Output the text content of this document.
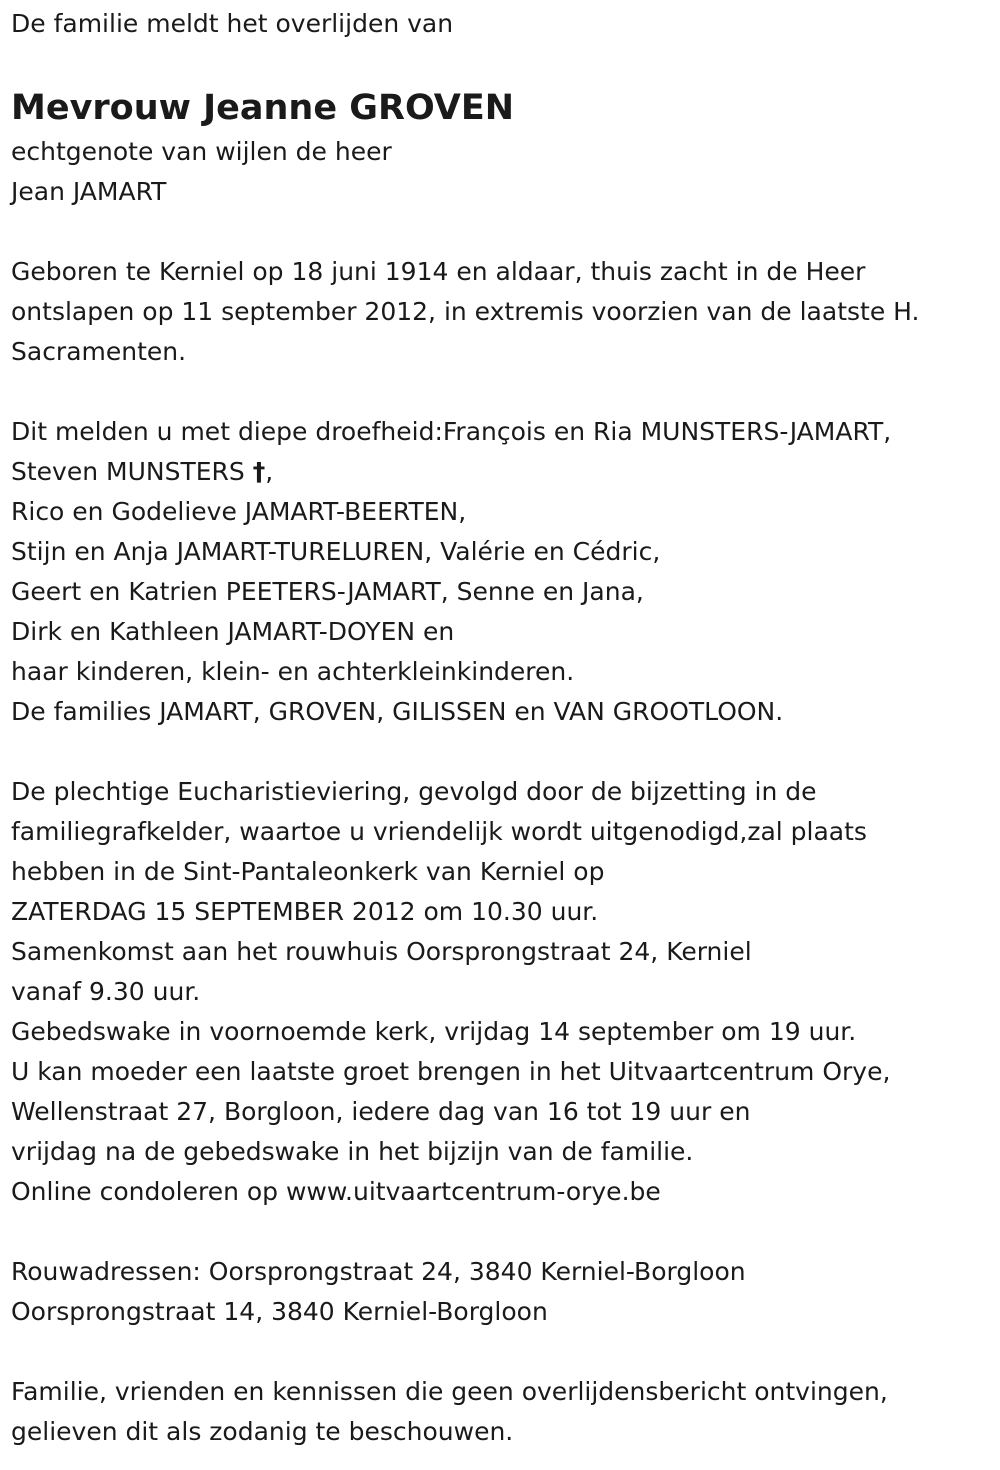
De familie meldt het overlijden van
Mevrouw Jeanne GROVEN
echtgenote van wijlen de heer
Jean JAMART
Geboren te Kerniel op 18 juni 1914 en aldaar, thuis zacht in de Heer
ontslapen op 11 september 2012, in extremis voorzien van de laatste H.
Sacramenten.
Dit melden u met diepe droefheid:François en Ria MUNSTERS-JAMART,
Steven MUNSTERS †,
Rico en Godelieve JAMART-BEERTEN,
Stijn en Anja JAMART-TURELUREN, Valérie en Cédric,
Geert en Katrien PEETERS-JAMART, Senne en Jana,
Dirk en Kathleen JAMART-DOYEN en
haar kinderen, klein- en achterkleinkinderen.
De families JAMART, GROVEN, GILISSEN en VAN GROOTLOON.
De plechtige Eucharistieviering, gevolgd door de bijzetting in de
familiegrafkelder, waartoe u vriendelijk wordt uitgenodigd,zal plaats
hebben in de Sint-Pantaleonkerk van Kerniel op
ZATERDAG 15 SEPTEMBER 2012 om 10.30 uur.
Samenkomst aan het rouwhuis Oorsprongstraat 24, Kerniel
vanaf 9.30 uur.
Gebedswake in voornoemde kerk, vrijdag 14 september om 19 uur.
U kan moeder een laatste groet brengen in het Uitvaartcentrum Orye,
Wellenstraat 27, Borgloon, iedere dag van 16 tot 19 uur en
vrijdag na de gebedswake in het bijzijn van de familie.
Online condoleren op www.uitvaartcentrum-orye.be
Rouwadressen: Oorsprongstraat 24, 3840 Kerniel-Borgloon
Oorsprongstraat 14, 3840 Kerniel-Borgloon
Familie, vrienden en kennissen die geen overlijdensbericht ontvingen,
gelieven dit als zodanig te beschouwen.
